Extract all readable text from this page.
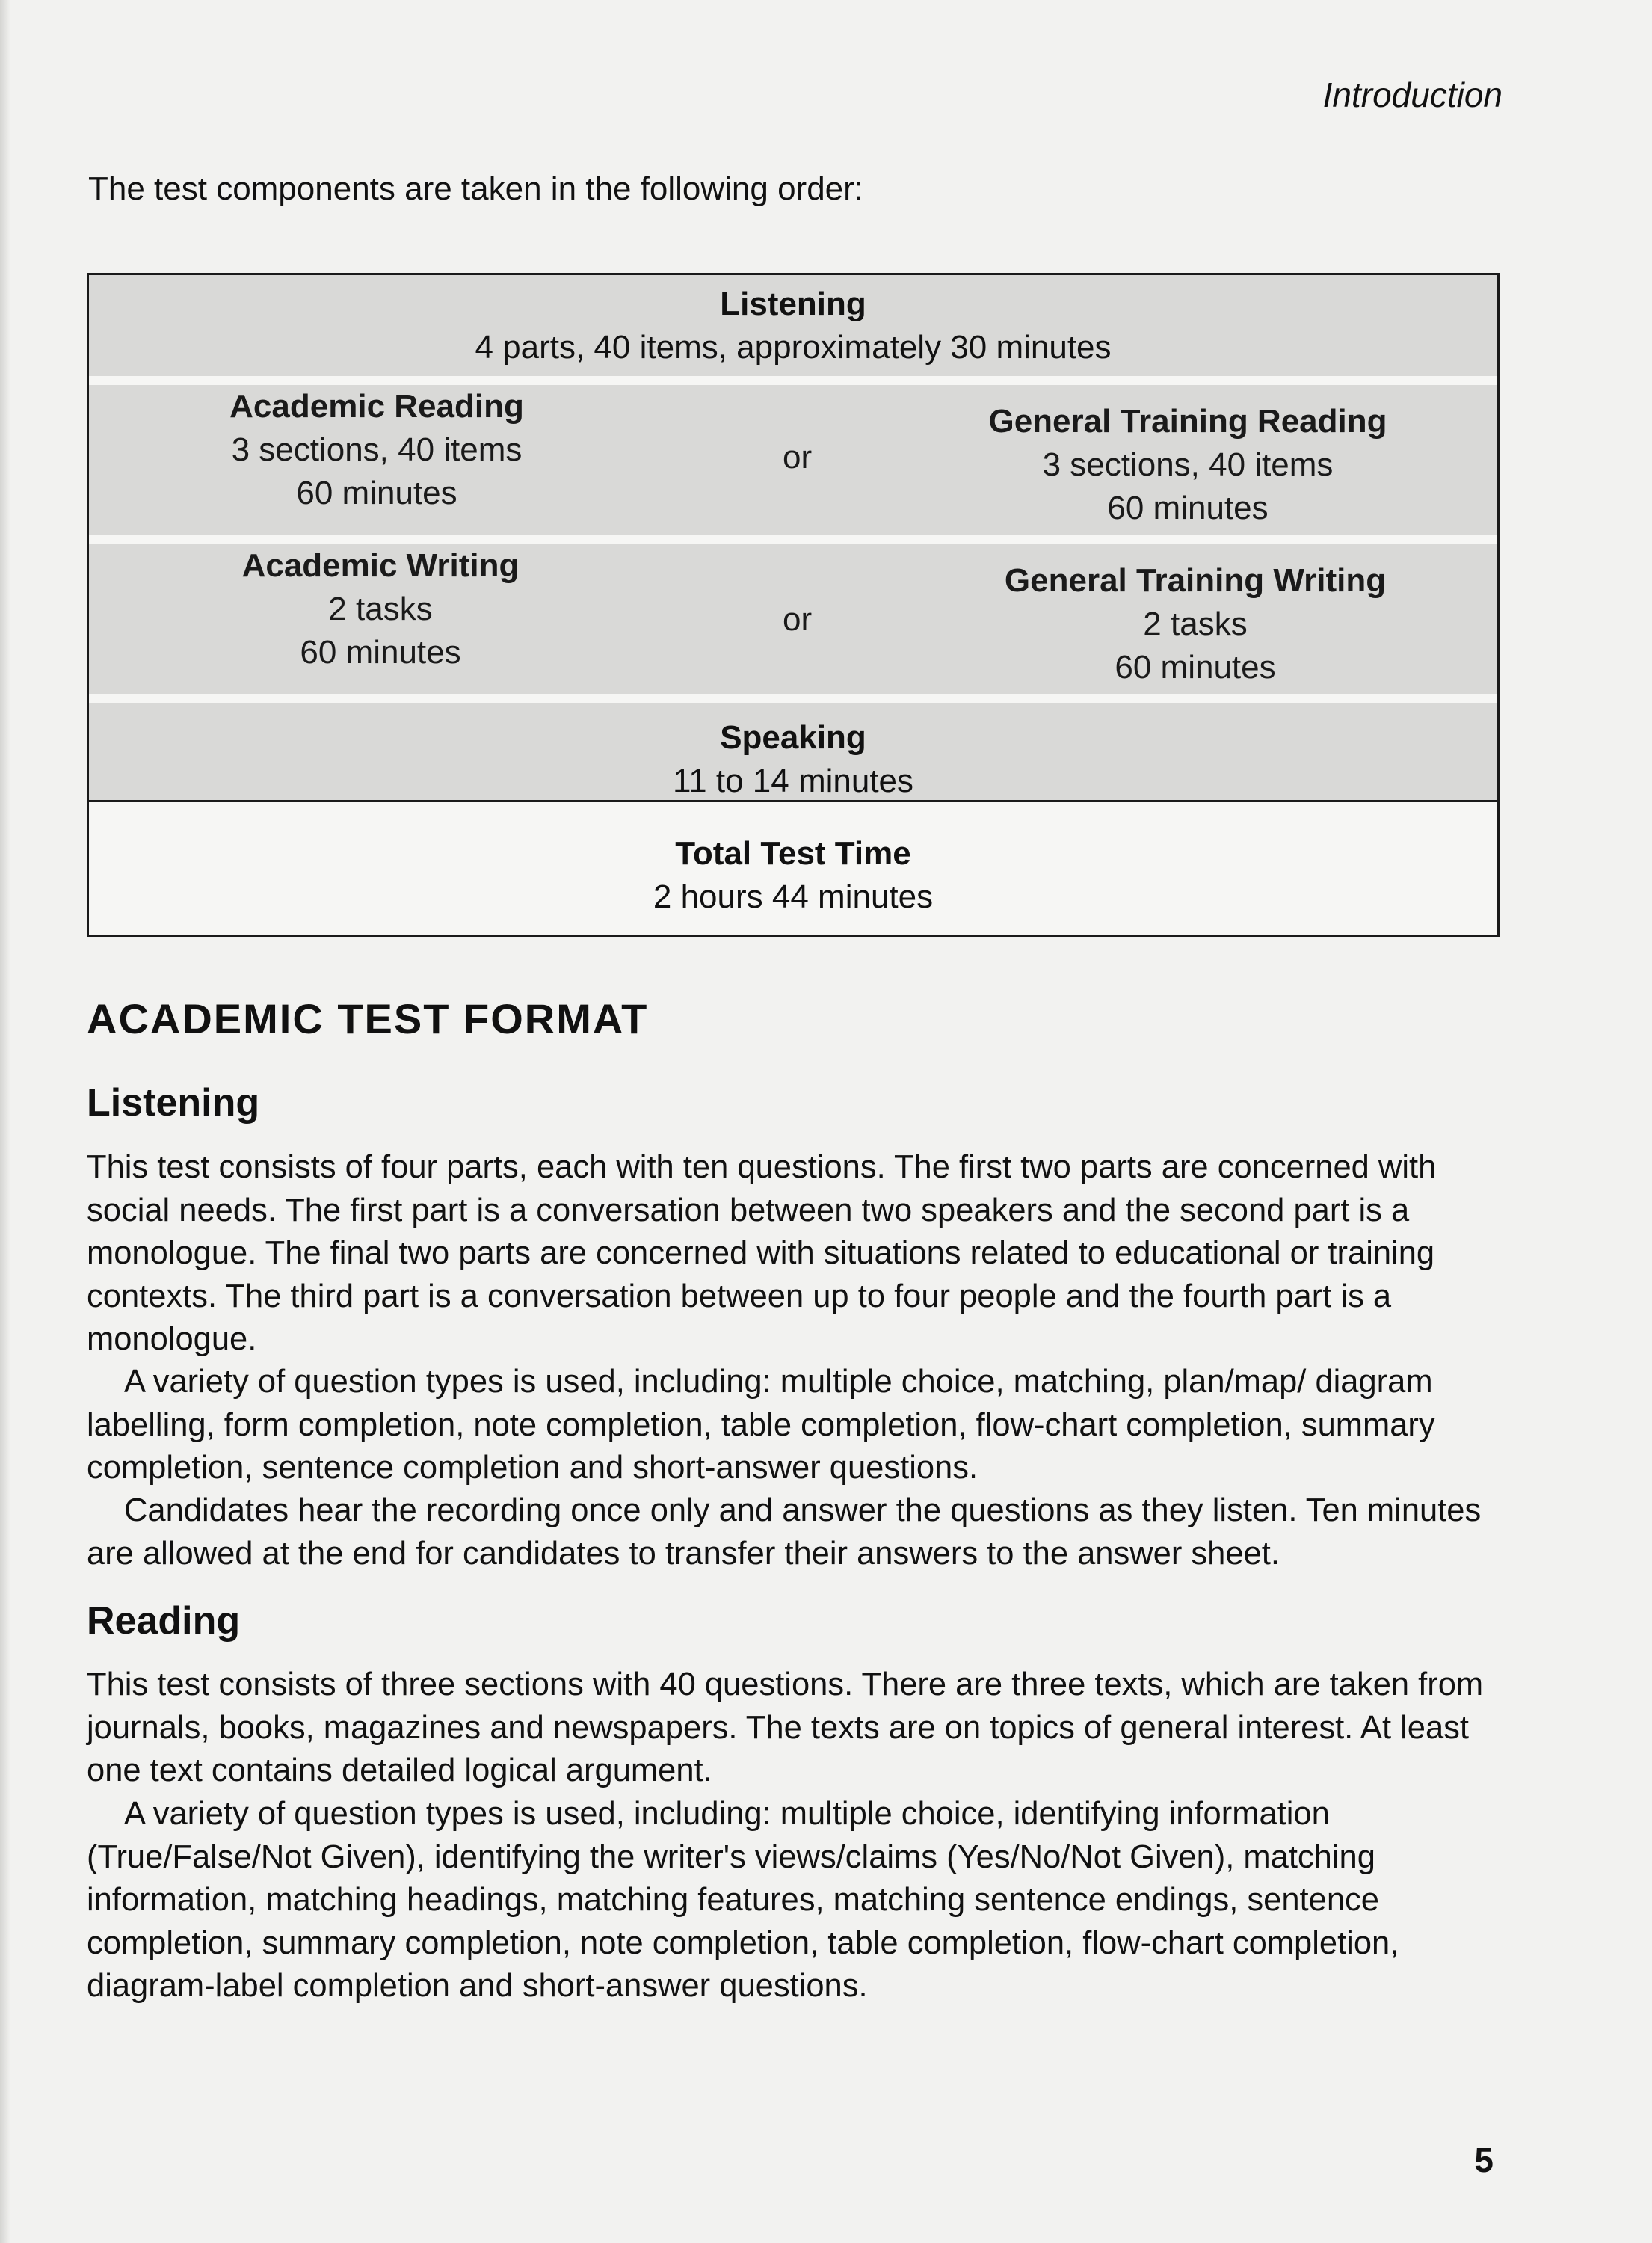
Introduction
The test components are taken in the following order:
Listening
4 parts, 40 items, approximately 30 minutes
Academic Reading
3 sections, 40 items
60 minutes
or
General Training Reading
3 sections, 40 items
60 minutes
Academic Writing
2 tasks
60 minutes
or
General Training Writing
2 tasks
60 minutes
Speaking
11 to 14 minutes
Total Test Time
2 hours 44 minutes
ACADEMIC TEST FORMAT
Listening
This test consists of four parts, each with ten questions. The first two parts are concerned with social needs. The first part is a conversation between two speakers and the second part is a monologue. The final two parts are concerned with situations related to educational or training contexts. The third part is a conversation between up to four people and the fourth part is a monologue.
A variety of question types is used, including: multiple choice, matching, plan/map/ diagram labelling, form completion, note completion, table completion, flow-chart completion, summary completion, sentence completion and short-answer questions.
Candidates hear the recording once only and answer the questions as they listen. Ten minutes are allowed at the end for candidates to transfer their answers to the answer sheet.
Reading
This test consists of three sections with 40 questions. There are three texts, which are taken from journals, books, magazines and newspapers. The texts are on topics of general interest. At least one text contains detailed logical argument.
A variety of question types is used, including: multiple choice, identifying information (True/False/Not Given), identifying the writer's views/claims (Yes/No/Not Given), matching information, matching headings, matching features, matching sentence endings, sentence completion, summary completion, note completion, table completion, flow-chart completion, diagram-label completion and short-answer questions.
5
